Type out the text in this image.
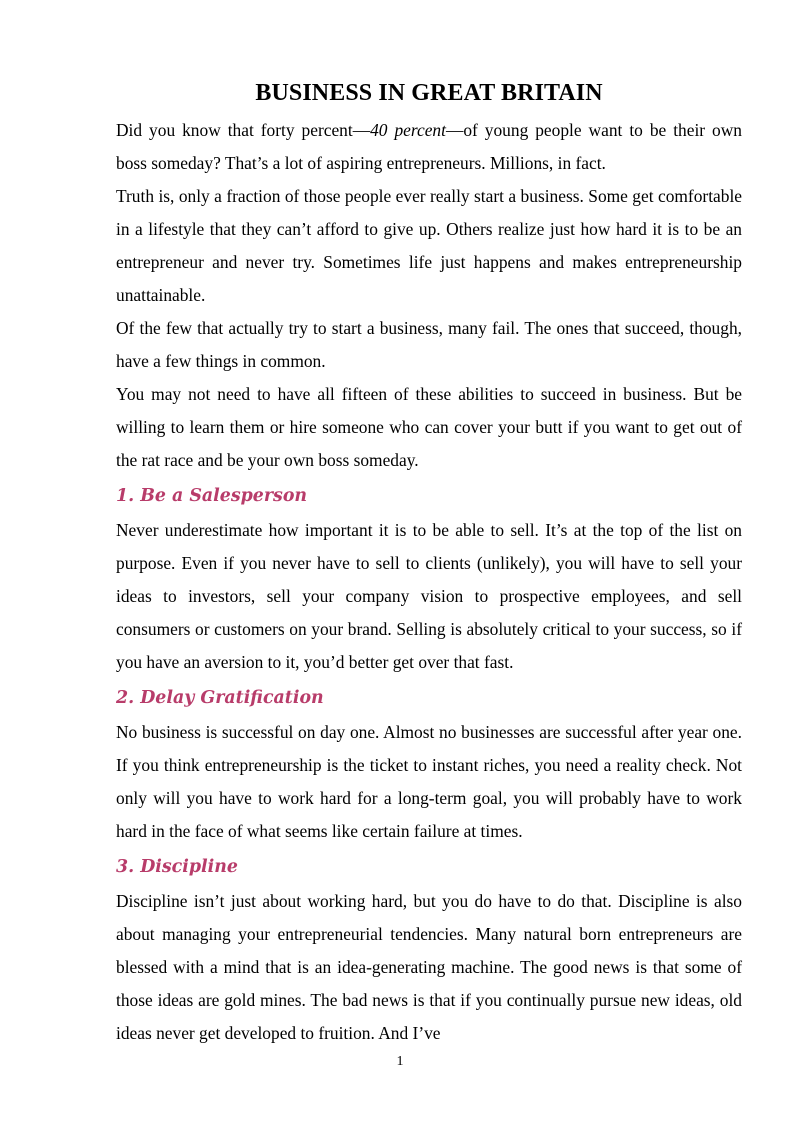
BUSINESS IN GREAT BRITAIN

Did you know that forty percent—40 percent—of young people want to be their own boss someday? That’s a lot of aspiring entrepreneurs. Millions, in fact.

Truth is, only a fraction of those people ever really start a business. Some get comfortable in a lifestyle that they can’t afford to give up. Others realize just how hard it is to be an entrepreneur and never try. Sometimes life just happens and makes entrepreneurship unattainable.

Of the few that actually try to start a business, many fail. The ones that succeed, though, have a few things in common.

You may not need to have all fifteen of these abilities to succeed in business. But be willing to learn them or hire someone who can cover your butt if you want to get out of the rat race and be your own boss someday.

1. Be a Salesperson

Never underestimate how important it is to be able to sell. It’s at the top of the list on purpose. Even if you never have to sell to clients (unlikely), you will have to sell your ideas to investors, sell your company vision to prospective employees, and sell consumers or customers on your brand. Selling is absolutely critical to your success, so if you have an aversion to it, you’d better get over that fast.

2. Delay Gratification

No business is successful on day one. Almost no businesses are successful after year one. If you think entrepreneurship is the ticket to instant riches, you need a reality check. Not only will you have to work hard for a long-term goal, you will probably have to work hard in the face of what seems like certain failure at times.

3. Discipline

Discipline isn’t just about working hard, but you do have to do that. Discipline is also about managing your entrepreneurial tendencies. Many natural born entrepreneurs are blessed with a mind that is an idea-generating machine. The good news is that some of those ideas are gold mines. The bad news is that if you continually pursue new ideas, old ideas never get developed to fruition. And I’ve

1
